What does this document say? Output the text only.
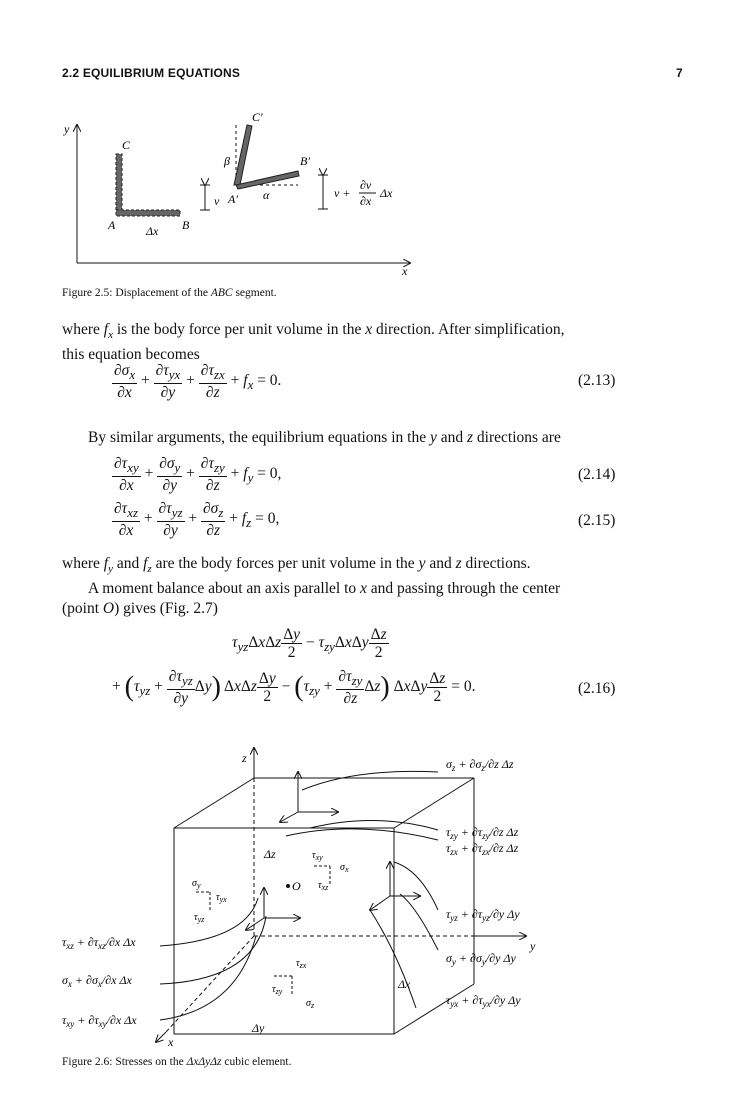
2.2 EQUILIBRIUM EQUATIONS	7
y
x
C
A	B
Δx
v
C′
B′
A′ α
β
v +
∂v
∂x
Δx
Figure 2.5: Displacement of the ABC segment.
where $f_x$ is the body force per unit volume in the x direction. After simplification,
this equation becomes
$\frac{\partial\sigma_x}{\partial x} + \frac{\partial\tau_{yx}}{\partial y} + \frac{\partial\tau_{zx}}{\partial z} + f_x = 0$.	(2.13)
By similar arguments, the equilibrium equations in the y and z directions are
$\frac{\partial\tau_{xy}}{\partial x} + \frac{\partial\sigma_y}{\partial y} + \frac{\partial\tau_{zy}}{\partial z} + f_y = 0$,	(2.14)
$\frac{\partial\tau_{xz}}{\partial x} + \frac{\partial\tau_{yz}}{\partial y} + \frac{\partial\sigma_z}{\partial z} + f_z = 0$,	(2.15)
where $f_y$ and $f_z$ are the body forces per unit volume in the y and z directions.
A moment balance about an axis parallel to x and passing through the center
(point O) gives (Fig. 2.7)
$\tau_{yz}\Delta x\Delta z \frac{\Delta y}{2} - \tau_{zy}\Delta x\Delta y \frac{\Delta z}{2}$
+ $(\tau_{yz} + \frac{\partial\tau_{yz}}{\partial y} \Delta y)$ ΔxΔz $\frac{\Delta y}{2} - (\tau_{zy} + \frac{\partial\tau_{zy}}{\partial z} \Delta z)$ ΔxΔy $\frac{\Delta z}{2} = 0$.	(2.16)
z
y
x
Δz
Δx
Δy
O
$\sigma_z + \partial\sigma_z/\partial z$ Δz
$\tau_{zy} + \partial\tau_{zy}/\partial z$ Δz
$\tau_{zx} + \partial\tau_{zx}/\partial z$ Δz
$\tau_{yz} + \partial\tau_{yz}/\partial y$ Δy
$\sigma_y + \partial\sigma_y/\partial y$ Δy
$\tau_{yx} + \partial\tau_{yx}/\partial y$ Δy
$\tau_{xz} + \partial\tau_{xz}/\partial x$ Δx
$\sigma_x + \partial\sigma_x/\partial x$ Δx
$\tau_{xy} + \partial\tau_{xy}/\partial x$ Δx
$\sigma_y$
$\tau_{yx}$
$\tau_{yz}$
$\tau_{xy}$
$\sigma_x$
$\tau_{xz}$
$\tau_{zx}$
$\tau_{zy}$
$\sigma_z$
Figure 2.6: Stresses on the ΔxΔyΔz cubic element.
